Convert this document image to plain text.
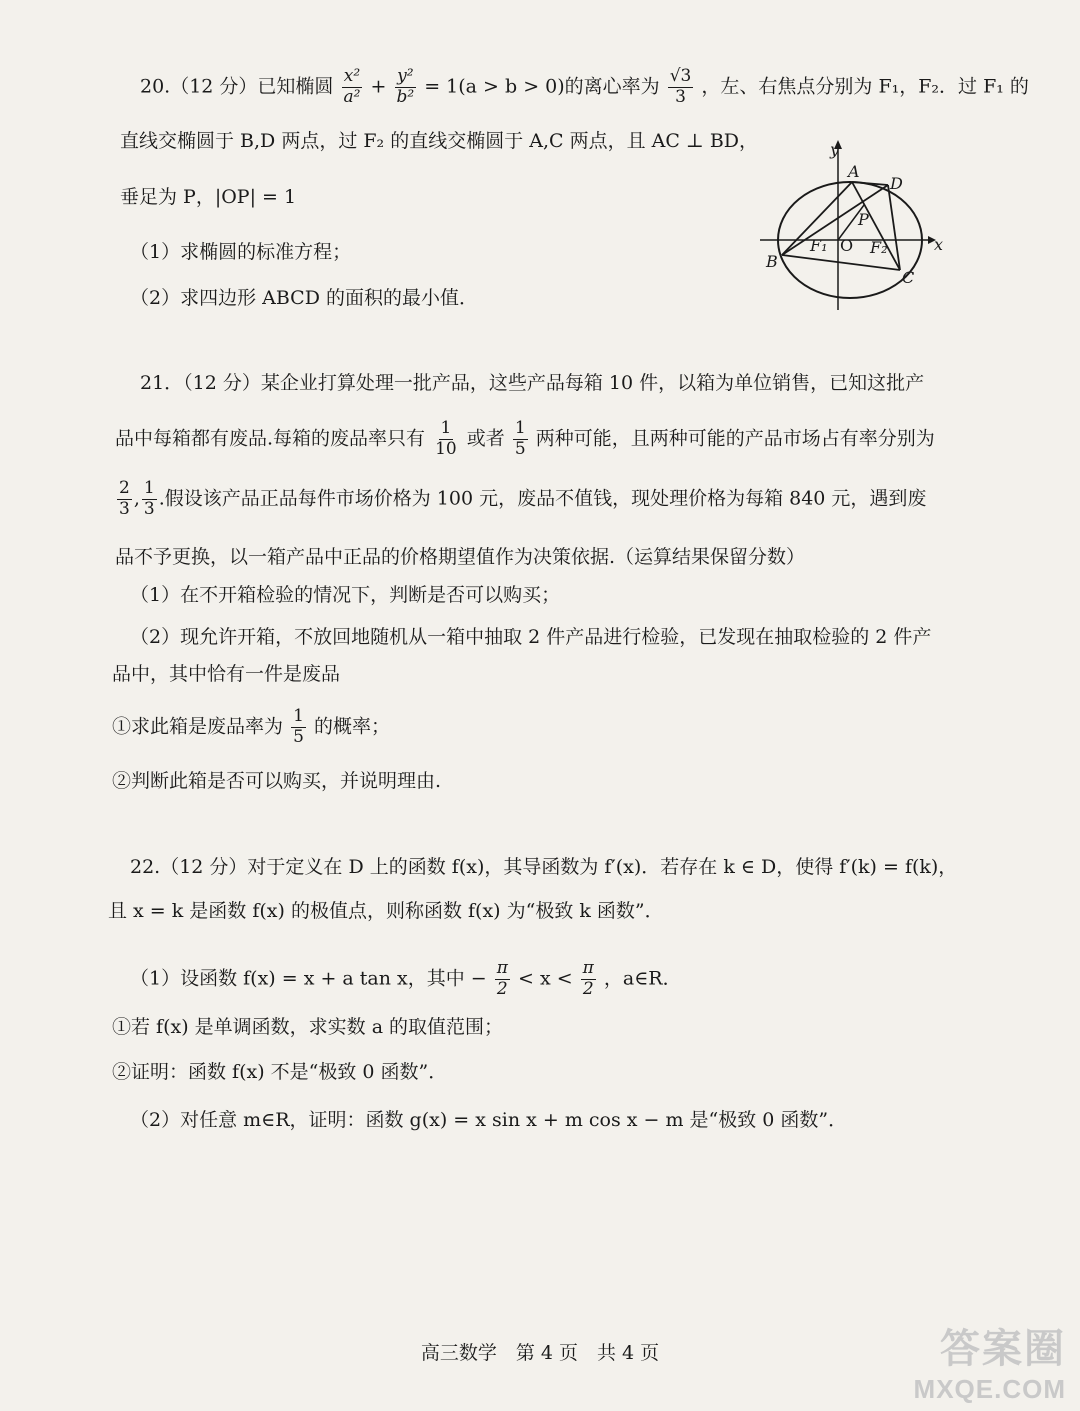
20.（12 分）已知椭圆 $\frac{\text{x²}}{\text{a²}} + \frac{\text{y²}}{\text{b²}} = 1(a > b > 0)$的离心率为 $\frac{√3}{3}$ ，左、右焦点分别为 F₁，F₂．过 F₁ 的
直线交椭圆于 B,D 两点，过 F₂ 的直线交椭圆于 A,C 两点，且 AC ⊥ BD，
垂足为 P，|OP| = 1
（1）求椭圆的标准方程；
（2）求四边形 ABCD 的面积的最小值．
y
x
A
D
P
F₁ O F₂
B
C
21．（12 分）某企业打算处理一批产品，这些产品每箱 10 件，以箱为单位销售，已知这批产
品中每箱都有废品.每箱的废品率只有 $\frac{1}{10}$ 或者 $\frac{1}{5}$ 两种可能，且两种可能的产品市场占有率分别为
$\frac{2}{3}$ , $\frac{1}{3}$ .假设该产品正品每件市场价格为 100 元，废品不值钱，现处理价格为每箱 840 元，遇到废
品不予更换，以一箱产品中正品的价格期望值作为决策依据.（运算结果保留分数）
（1）在不开箱检验的情况下，判断是否可以购买；
（2）现允许开箱，不放回地随机从一箱中抽取 2 件产品进行检验，已发现在抽取检验的 2 件产
品中，其中恰有一件是废品
①求此箱是废品率为 $\frac{1}{5}$ 的概率；
②判断此箱是否可以购买，并说明理由.
22.（12 分）对于定义在 D 上的函数 f(x)，其导函数为 f′(x)．若存在 k ∈ D，使得 f′(k) = f(k)，
且 x = k 是函数 f(x) 的极值点，则称函数 f(x) 为“极致 k 函数”．
（1）设函数 f(x) = x + a tan x，其中 − $\frac{\pi}{2} < x < \frac{\pi}{2}$ ，a∈R．
①若 f(x) 是单调函数，求实数 a 的取值范围；
②证明：函数 f(x) 不是“极致 0 函数”．
（2）对任意 m∈R，证明：函数 g(x) = x sin x + m cos x − m 是“极致 0 函数”．
高三数学　第 4 页　共 4 页	答案圈
MXQE.COM
